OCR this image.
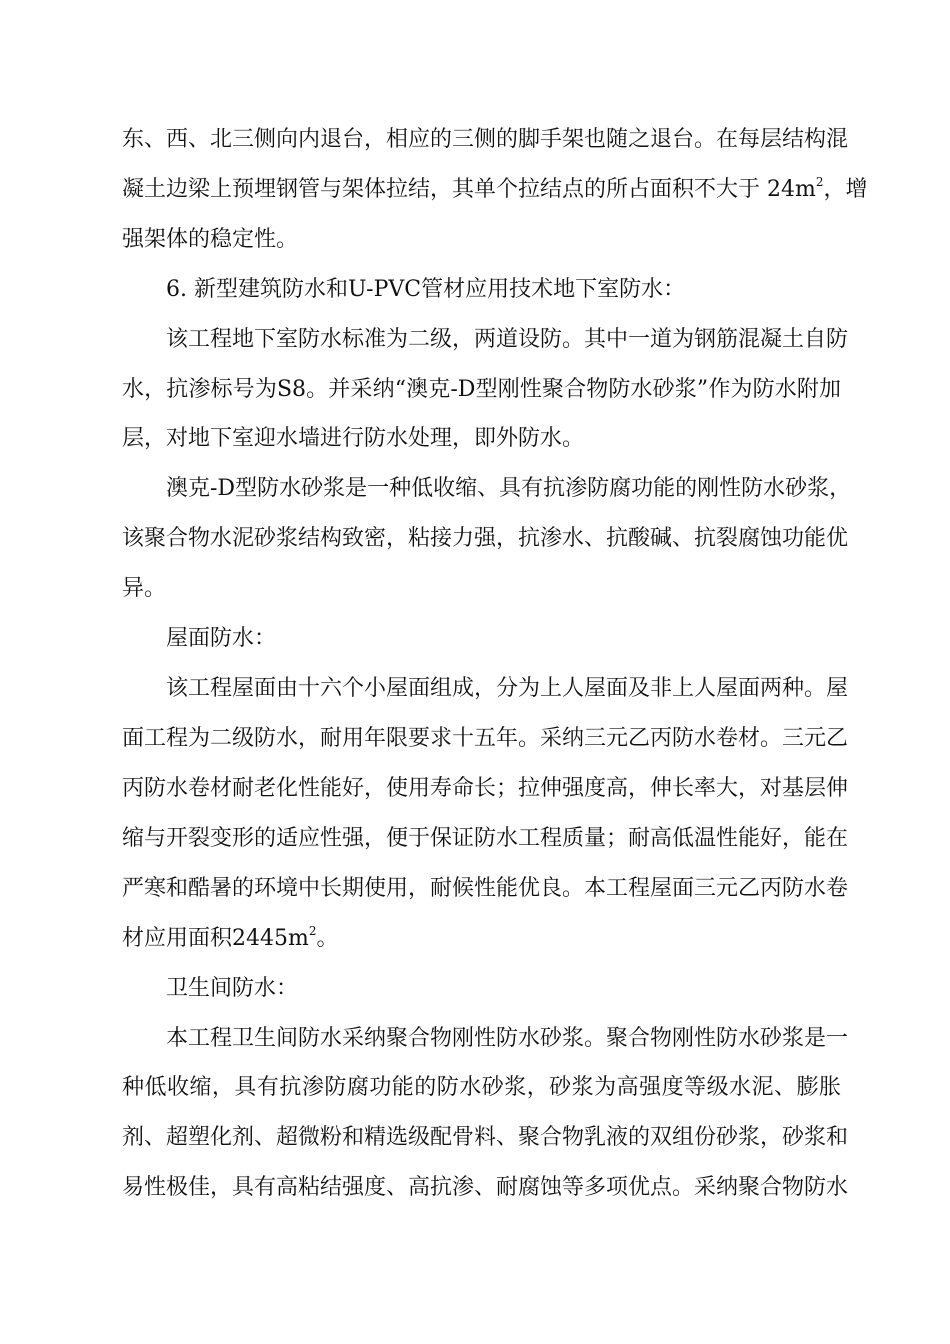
东、西、北三侧向内退台，相应的三侧的脚手架也随之退台。在每层结构混
凝土边梁上预埋钢管与架体拉结，其单个拉结点的所占面积不大于 $24m^2$，增
强架体的稳定性。
6. 新型建筑防水和U-PVC管材应用技术地下室防水：
该工程地下室防水标准为二级，两道设防。其中一道为钢筋混凝土自防
水，抗渗标号为S8。并采纳“澳克-D型刚性聚合物防水砂浆”作为防水附加
层，对地下室迎水墙进行防水处理，即外防水。
澳克-D型防水砂浆是一种低收缩、具有抗渗防腐功能的刚性防水砂浆，
该聚合物水泥砂浆结构致密，粘接力强，抗渗水、抗酸碱、抗裂腐蚀功能优
异。
屋面防水：
该工程屋面由十六个小屋面组成，分为上人屋面及非上人屋面两种。屋
面工程为二级防水，耐用年限要求十五年。采纳三元乙丙防水卷材。三元乙
丙防水卷材耐老化性能好，使用寿命长；拉伸强度高，伸长率大，对基层伸
缩与开裂变形的适应性强，便于保证防水工程质量；耐高低温性能好，能在
严寒和酷暑的环境中长期使用，耐候性能优良。本工程屋面三元乙丙防水卷
材应用面积$2445m^2$。
卫生间防水：
本工程卫生间防水采纳聚合物刚性防水砂浆。聚合物刚性防水砂浆是一
种低收缩，具有抗渗防腐功能的防水砂浆，砂浆为高强度等级水泥、膨胀
剂、超塑化剂、超微粉和精选级配骨料、聚合物乳液的双组份砂浆，砂浆和
易性极佳，具有高粘结强度、高抗渗、耐腐蚀等多项优点。采纳聚合物防水
